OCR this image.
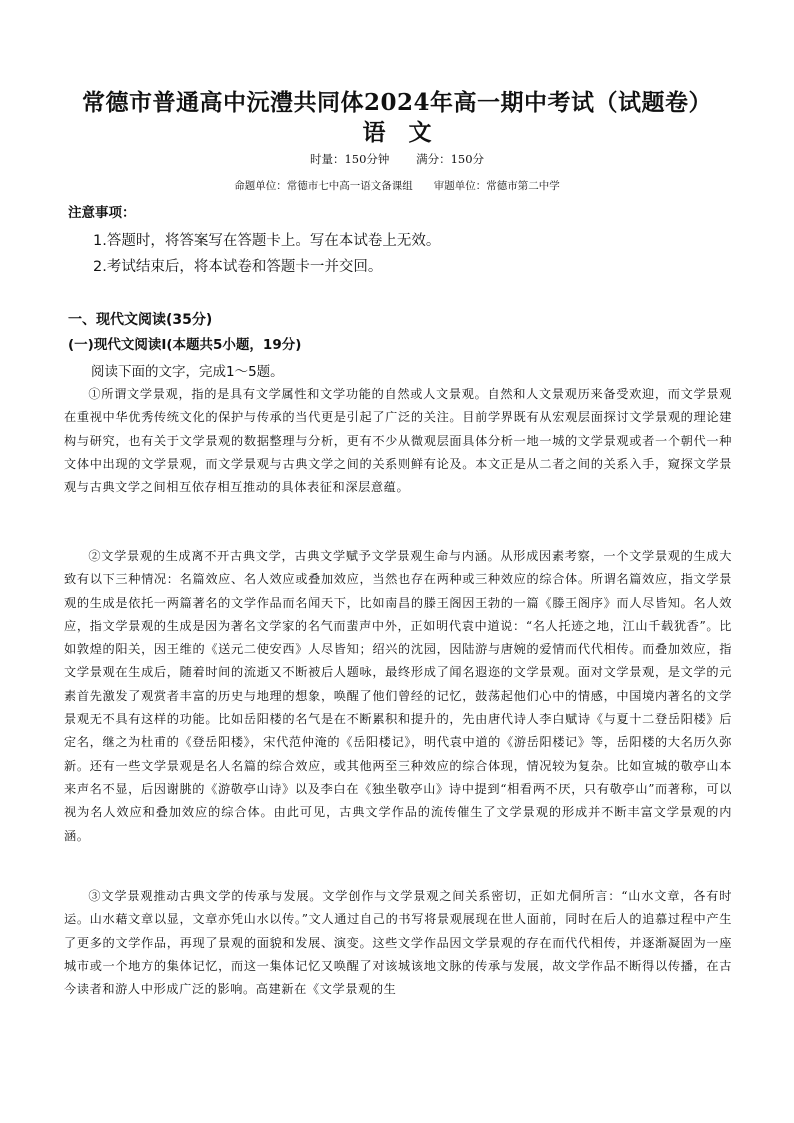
常德市普通高中沅澧共同体2024年高一期中考试（试题卷）
语　文
时量：150分钟　　 满分：150分
命题单位：常德市七中高一语文备课组　　审题单位：常德市第二中学
注意事项：
1.答题时，将答案写在答题卡上。写在本试卷上无效。
2.考试结束后，将本试卷和答题卡一并交回。
一、现代文阅读(35分)
(一)现代文阅读Ⅰ(本题共5小题，19分)
阅读下面的文字，完成1～5题。
①所谓文学景观，指的是具有文学属性和文学功能的自然或人文景观。自然和人文景观历来备受欢迎，而文学景观在重视中华优秀传统文化的保护与传承的当代更是引起了广泛的关注。目前学界既有从宏观层面探讨文学景观的理论建构与研究，也有关于文学景观的数据整理与分析，更有不少从微观层面具体分析一地一城的文学景观或者一个朝代一种文体中出现的文学景观，而文学景观与古典文学之间的关系则鲜有论及。本文正是从二者之间的关系入手，窥探文学景观与古典文学之间相互依存相互推动的具体表征和深层意蕴。
②文学景观的生成离不开古典文学，古典文学赋予文学景观生命与内涵。从形成因素考察，一个文学景观的生成大致有以下三种情况：名篇效应、名人效应或叠加效应，当然也存在两种或三种效应的综合体。所谓名篇效应，指文学景观的生成是依托一两篇著名的文学作品而名闻天下，比如南昌的滕王阁因王勃的一篇《滕王阁序》而人尽皆知。名人效应，指文学景观的生成是因为著名文学家的名气而蜚声中外，正如明代袁中道说：“名人托迹之地，江山千载犹香”。比如敦煌的阳关，因王维的《送元二使安西》人尽皆知；绍兴的沈园，因陆游与唐婉的爱情而代代相传。而叠加效应，指文学景观在生成后，随着时间的流逝又不断被后人题咏，最终形成了闻名遐迩的文学景观。面对文学景观，是文学的元素首先激发了观赏者丰富的历史与地理的想象，唤醒了他们曾经的记忆，鼓荡起他们心中的情感，中国境内著名的文学景观无不具有这样的功能。比如岳阳楼的名气是在不断累积和提升的，先由唐代诗人李白赋诗《与夏十二登岳阳楼》后定名，继之为杜甫的《登岳阳楼》，宋代范仲淹的《岳阳楼记》，明代袁中道的《游岳阳楼记》等，岳阳楼的大名历久弥新。还有一些文学景观是名人名篇的综合效应，或其他两至三种效应的综合体现，情况较为复杂。比如宣城的敬亭山本来声名不显，后因谢朓的《游敬亭山诗》以及李白在《独坐敬亭山》诗中提到“相看两不厌，只有敬亭山”而著称，可以视为名人效应和叠加效应的综合体。由此可见，古典文学作品的流传催生了文学景观的形成并不断丰富文学景观的内涵。
③文学景观推动古典文学的传承与发展。文学创作与文学景观之间关系密切，正如尤侗所言：“山水文章，各有时运。山水藉文章以显，文章亦凭山水以传。”文人通过自己的书写将景观展现在世人面前，同时在后人的追慕过程中产生了更多的文学作品，再现了景观的面貌和发展、演变。这些文学作品因文学景观的存在而代代相传，并逐渐凝固为一座城市或一个地方的集体记忆，而这一集体记忆又唤醒了对该城该地文脉的传承与发展，故文学作品不断得以传播，在古今读者和游人中形成广泛的影响。高建新在《文学景观的生
